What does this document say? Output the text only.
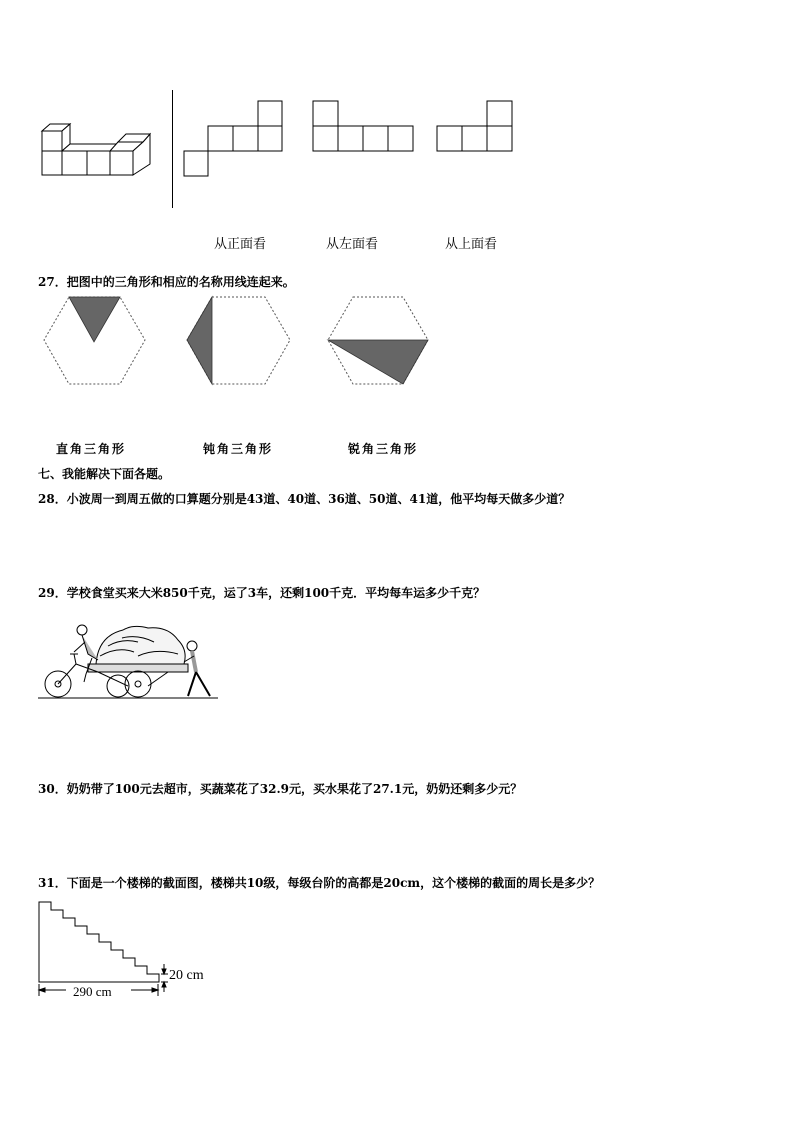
从正面看	从左面看	从上面看
27．把图中的三角形和相应的名称用线连起来。
直角三角形	钝角三角形	锐角三角形
七、我能解决下面各题。
28．小波周一到周五做的口算题分别是43道、40道、36道、50道、41道，他平均每天做多少道？
29．学校食堂买来大米850千克，运了3车，还剩100千克．平均每车运多少千克？
30．奶奶带了100元去超市，买蔬菜花了32.9元，买水果花了27.1元，奶奶还剩多少元？
31．下面是一个楼梯的截面图，楼梯共10级，每级台阶的高都是20cm，这个楼梯的截面的周长是多少？
290 cm
20 cm
